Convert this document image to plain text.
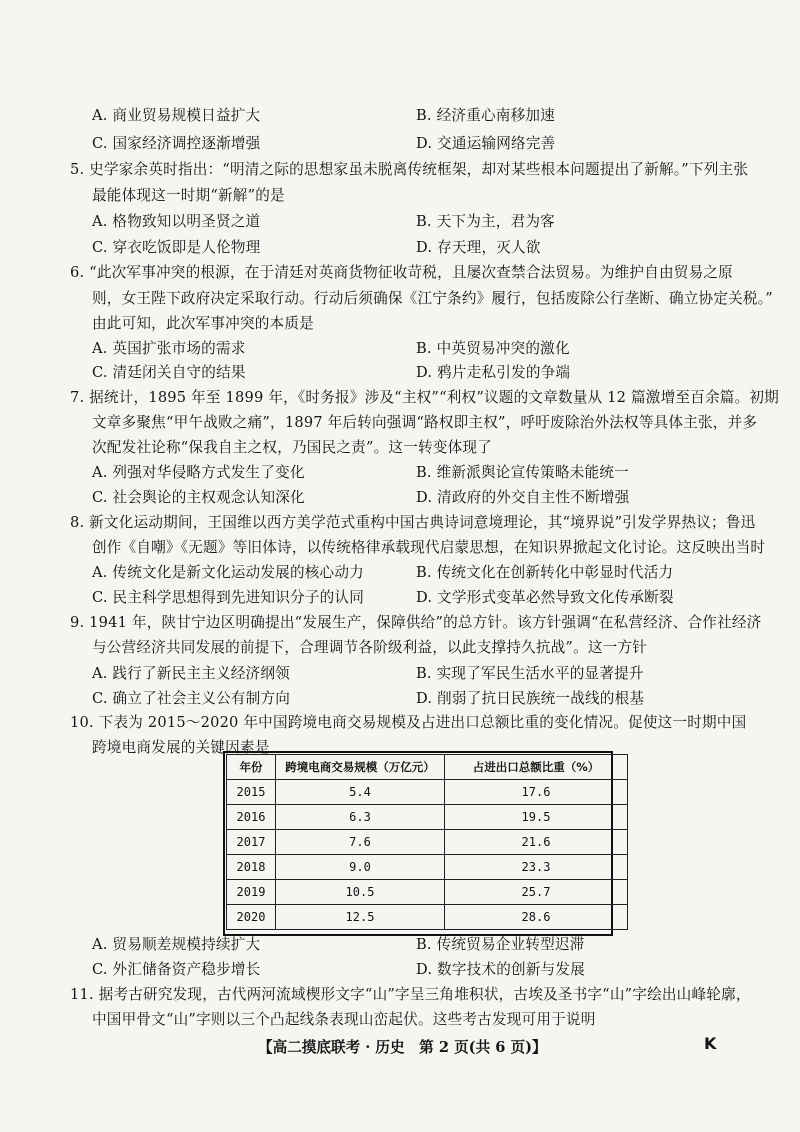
A. 商业贸易规模日益扩大	B. 经济重心南移加速
C. 国家经济调控逐渐增强	D. 交通运输网络完善
5. 史学家余英时指出：“明清之际的思想家虽未脱离传统框架，却对某些根本问题提出了新解。”下列主张
最能体现这一时期“新解”的是
A. 格物致知以明圣贤之道	B. 天下为主，君为客
C. 穿衣吃饭即是人伦物理	D. 存天理，灭人欲
6. “此次军事冲突的根源，在于清廷对英商货物征收苛税，且屡次查禁合法贸易。为维护自由贸易之原
则，女王陛下政府决定采取行动。行动后须确保《江宁条约》履行，包括废除公行垄断、确立协定关税。”
由此可知，此次军事冲突的本质是
A. 英国扩张市场的需求	B. 中英贸易冲突的激化
C. 清廷闭关自守的结果	D. 鸦片走私引发的争端
7. 据统计，1895 年至 1899 年，《时务报》涉及“主权”“利权”议题的文章数量从 12 篇激增至百余篇。初期
文章多聚焦“甲午战败之痛”，1897 年后转向强调“路权即主权”，呼吁废除治外法权等具体主张，并多
次配发社论称“保我自主之权，乃国民之责”。这一转变体现了
A. 列强对华侵略方式发生了变化	B. 维新派舆论宣传策略未能统一
C. 社会舆论的主权观念认知深化	D. 清政府的外交自主性不断增强
8. 新文化运动期间，王国维以西方美学范式重构中国古典诗词意境理论，其“境界说”引发学界热议；鲁迅
创作《自嘲》《无题》等旧体诗，以传统格律承载现代启蒙思想，在知识界掀起文化讨论。这反映出当时
A. 传统文化是新文化运动发展的核心动力	B. 传统文化在创新转化中彰显时代活力
C. 民主科学思想得到先进知识分子的认同	D. 文学形式变革必然导致文化传承断裂
9. 1941 年，陕甘宁边区明确提出“发展生产，保障供给”的总方针。该方针强调“在私营经济、合作社经济
与公营经济共同发展的前提下，合理调节各阶级利益，以此支撑持久抗战”。这一方针
A. 践行了新民主主义经济纲领	B. 实现了军民生活水平的显著提升
C. 确立了社会主义公有制方向	D. 削弱了抗日民族统一战线的根基
10. 下表为 2015～2020 年中国跨境电商交易规模及占进出口总额比重的变化情况。促使这一时期中国
跨境电商发展的关键因素是
年份	跨境电商交易规模（万亿元）	占进出口总额比重（%）
2015	5.4	17.6
2016	6.3	19.5
2017	7.6	21.6
2018	9.0	23.3
2019	10.5	25.7
2020	12.5	28.6
A. 贸易顺差规模持续扩大	B. 传统贸易企业转型迟滞
C. 外汇储备资产稳步增长	D. 数字技术的创新与发展
11. 据考古研究发现，古代两河流域楔形文字“山”字呈三角堆积状，古埃及圣书字“山”字绘出山峰轮廓，
中国甲骨文“山”字则以三个凸起线条表现山峦起伏。这些考古发现可用于说明
【高二摸底联考 · 历史　第 2 页(共 6 页)】	K
